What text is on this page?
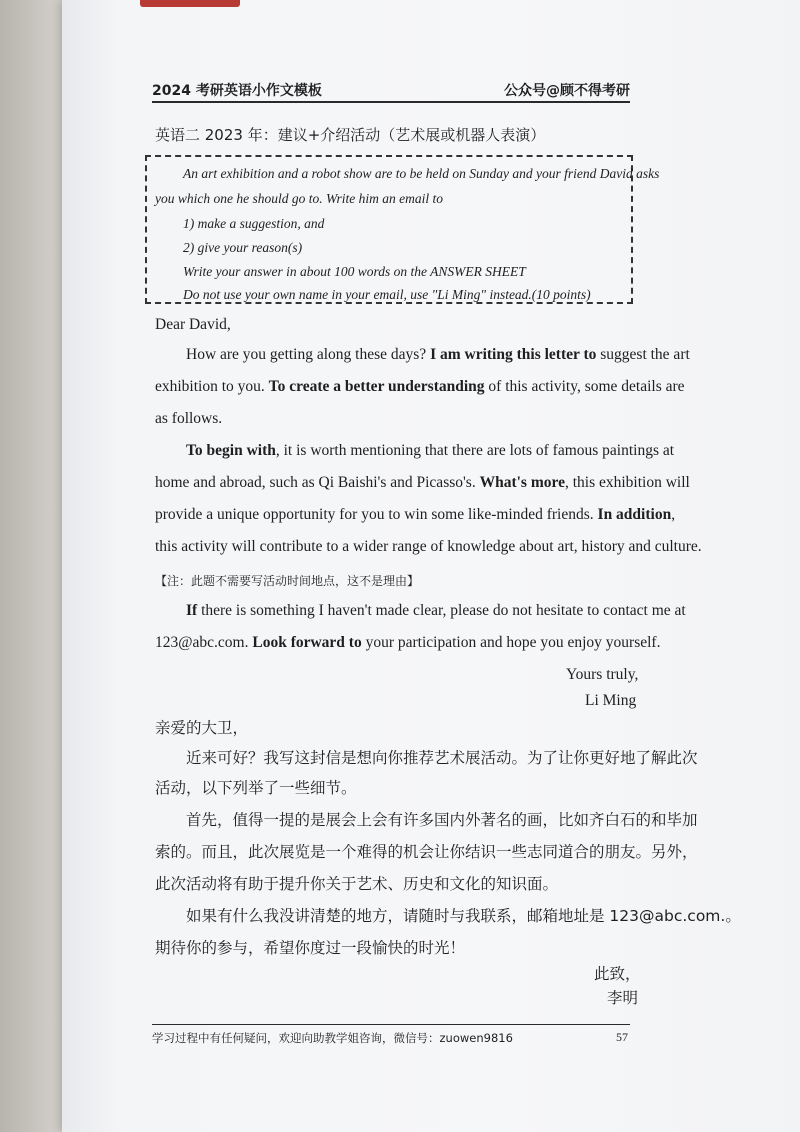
2024 考研英语小作文模板	公众号@顾不得考研
英语二 2023 年：建议+介绍活动（艺术展或机器人表演）
An art exhibition and a robot show are to be held on Sunday and your friend David asks
you which one he should go to. Write him an email to
1) make a suggestion, and
2) give your reason(s)
Write your answer in about 100 words on the ANSWER SHEET
Do not use your own name in your email, use "Li Ming" instead.(10 points)
Dear David,
How are you getting along these days? I am writing this letter to suggest the art
exhibition to you. To create a better understanding of this activity, some details are
as follows.
To begin with, it is worth mentioning that there are lots of famous paintings at
home and abroad, such as Qi Baishi's and Picasso's. What's more, this exhibition will
provide a unique opportunity for you to win some like-minded friends. In addition,
this activity will contribute to a wider range of knowledge about art, history and culture.
【注：此题不需要写活动时间地点，这不是理由】
If there is something I haven't made clear, please do not hesitate to contact me at
123@abc.com. Look forward to your participation and hope you enjoy yourself.
Yours truly,
Li Ming
亲爱的大卫，
近来可好？我写这封信是想向你推荐艺术展活动。为了让你更好地了解此次
活动，以下列举了一些细节。
首先，值得一提的是展会上会有许多国内外著名的画，比如齐白石的和毕加
索的。而且，此次展览是一个难得的机会让你结识一些志同道合的朋友。另外，
此次活动将有助于提升你关于艺术、历史和文化的知识面。
如果有什么我没讲清楚的地方，请随时与我联系，邮箱地址是 123@abc.com.。
期待你的参与，希望你度过一段愉快的时光！
此致，
李明
学习过程中有任何疑问，欢迎向助教学姐咨询，微信号：zuowen9816	57
